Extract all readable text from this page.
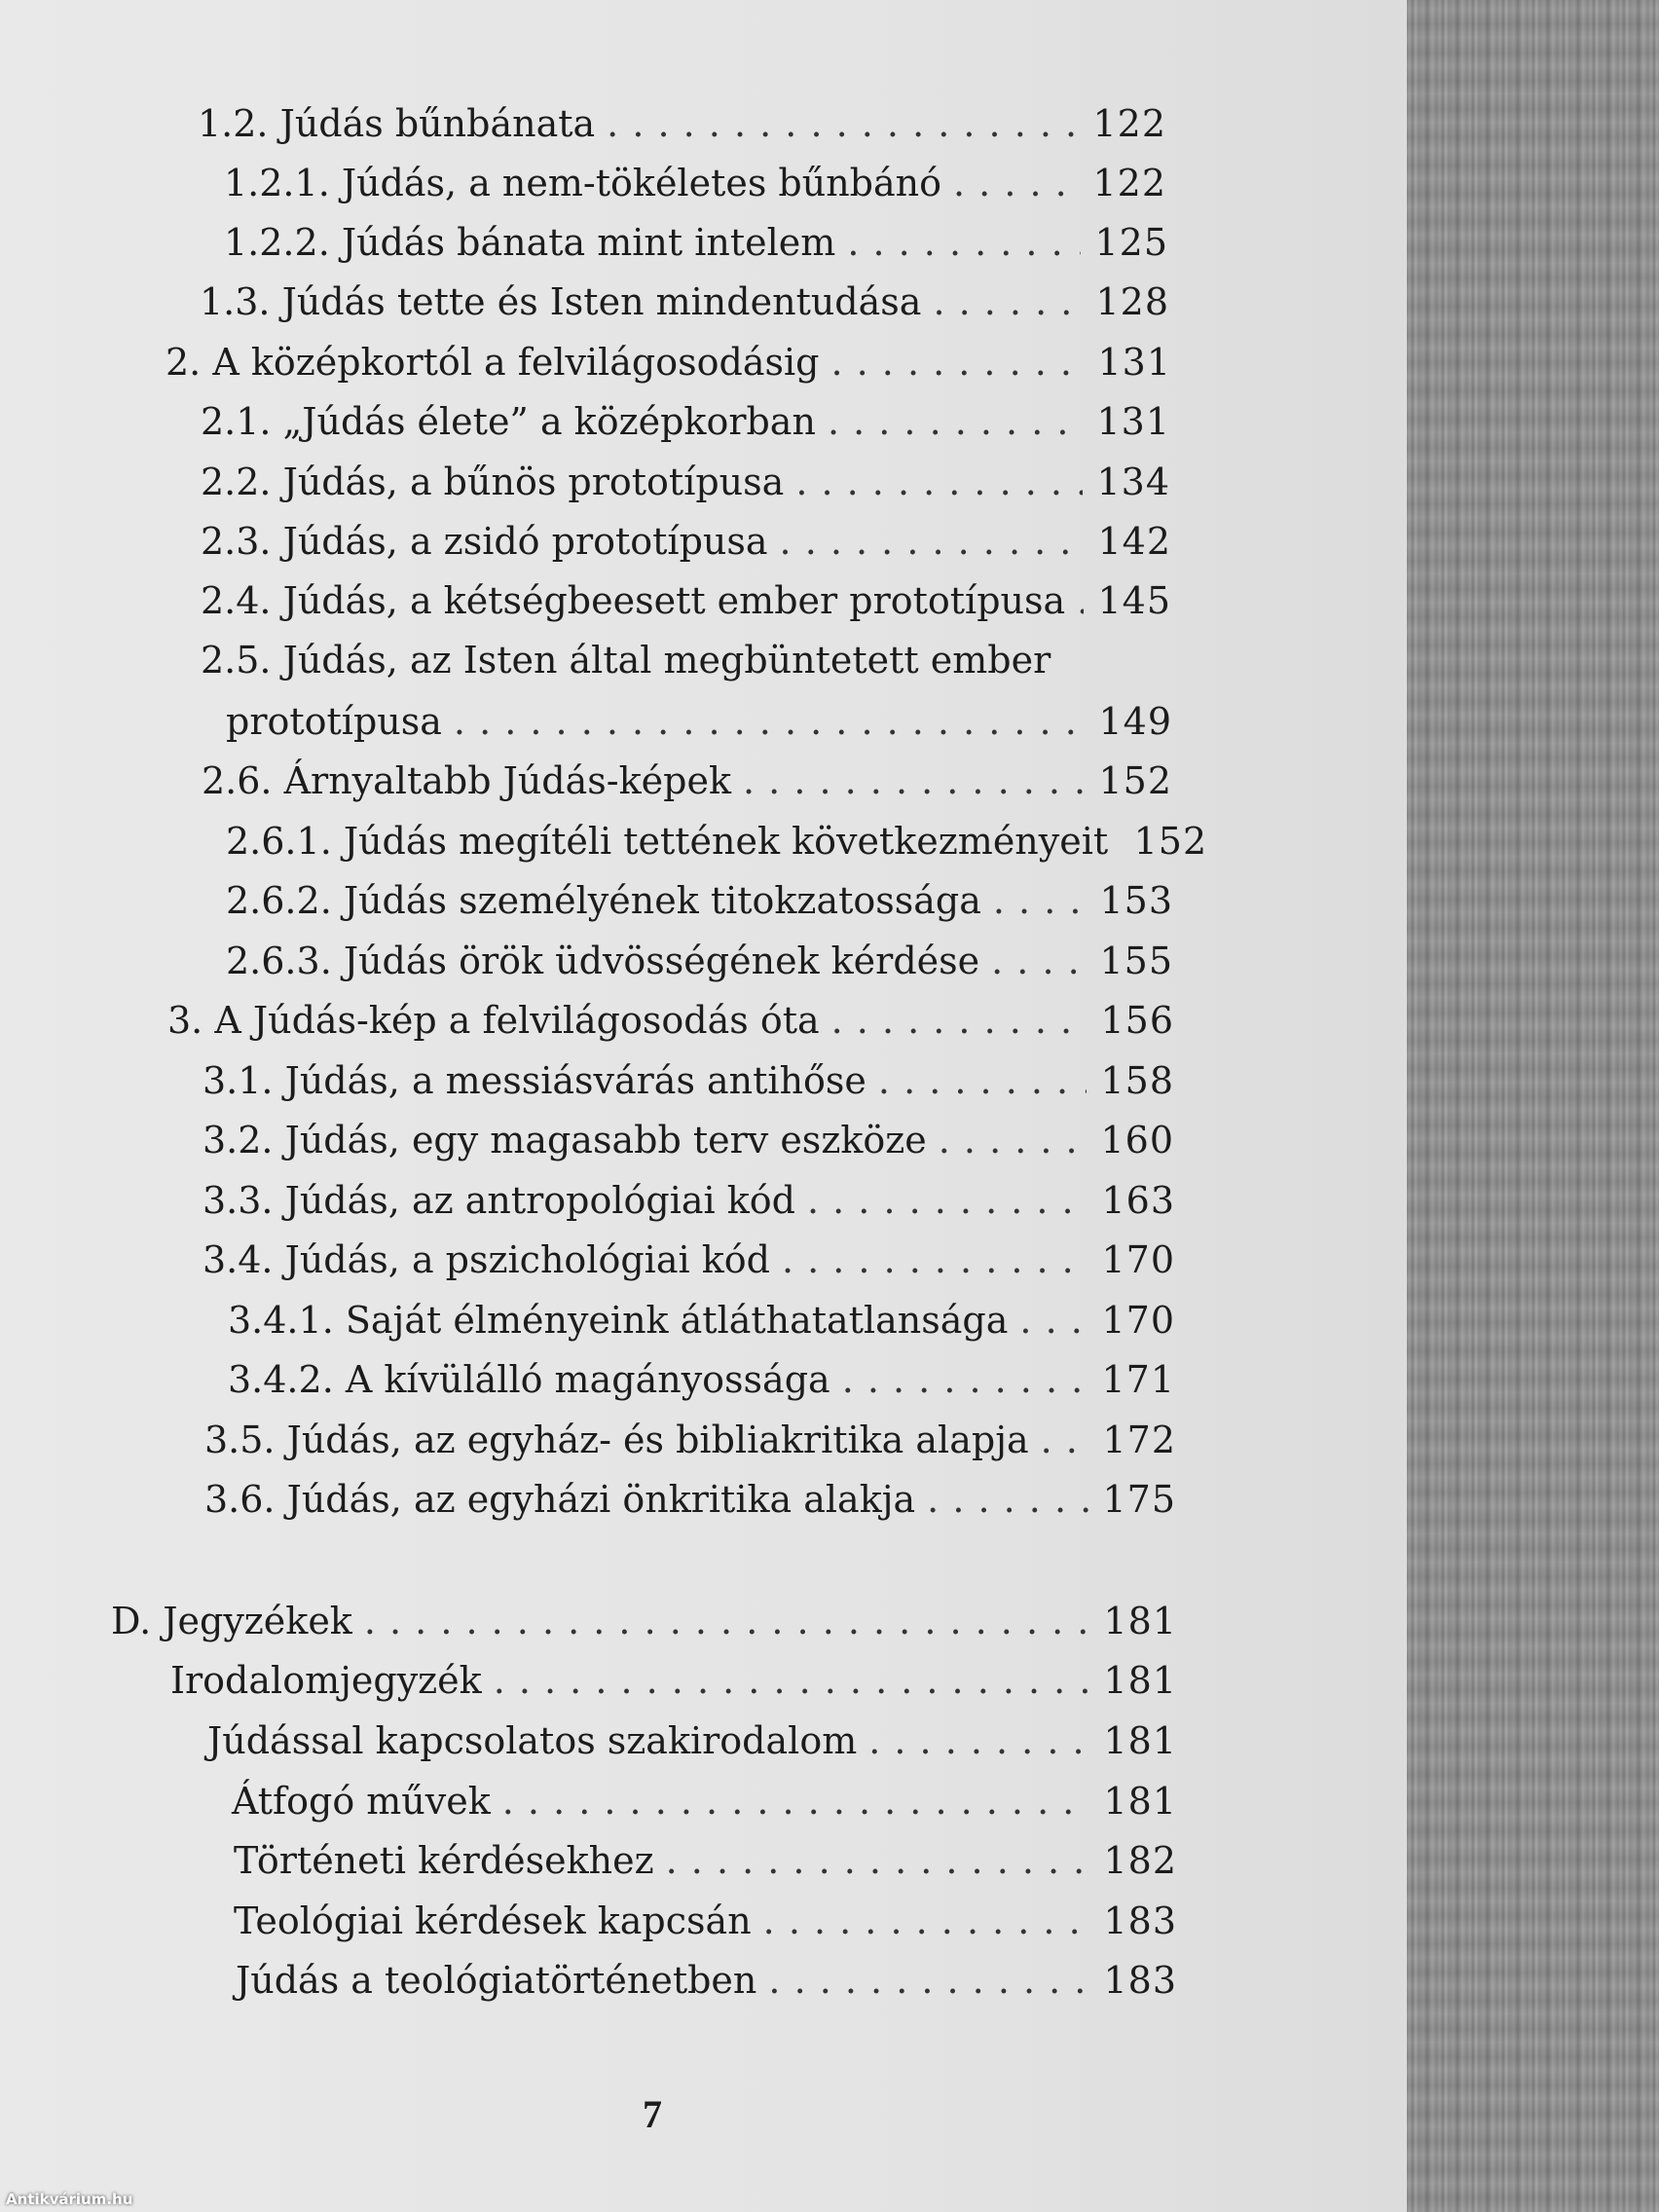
1.2. Júdás bűnbánata . . .	122
1.2.1. Júdás, a nem-tökéletes bűnbánó . . .	122
1.2.2. Júdás bánata mint intelem . . .	125
1.3. Júdás tette és Isten mindentudása . . .	128
2. A középkortól a felvilágosodásig . . .	131
2.1. „Júdás élete” a középkorban . . .	131
2.2. Júdás, a bűnös prototípusa . . .	134
2.3. Júdás, a zsidó prototípusa . . .	142
2.4. Júdás, a kétségbeesett ember prototípusa . . . 145
2.5. Júdás, az Isten által megbüntetett ember
prototípusa . . .	149
2.6. Árnyaltabb Júdás-képek . . .	152
2.6.1. Júdás megítéli tettének következményeit 152
2.6.2. Júdás személyének titokzatossága . . .	153
2.6.3. Júdás örök üdvösségének kérdése . . .	155
3. A Júdás-kép a felvilágosodás óta . . .	156
3.1. Júdás, a messiásvárás antihőse . . .	158
3.2. Júdás, egy magasabb terv eszköze . . .	160
3.3. Júdás, az antropológiai kód . . .	163
3.4. Júdás, a pszichológiai kód . . .	170
3.4.1. Saját élményeink átláthatatlansága . . .	170
3.4.2. A kívülálló magányossága . . .	171
3.5. Júdás, az egyház- és bibliakritika alapja . . . 172
3.6. Júdás, az egyházi önkritika alakja . . .	175
D. Jegyzékek . . .	181
Irodalomjegyzék . . .	181
Júdással kapcsolatos szakirodalom . . .	181
Átfogó művek . . .	181
Történeti kérdésekhez . . .	182
Teológiai kérdések kapcsán . . .	183
Júdás a teológiatörténetben . . .	183
7
Antikvárium.hu
